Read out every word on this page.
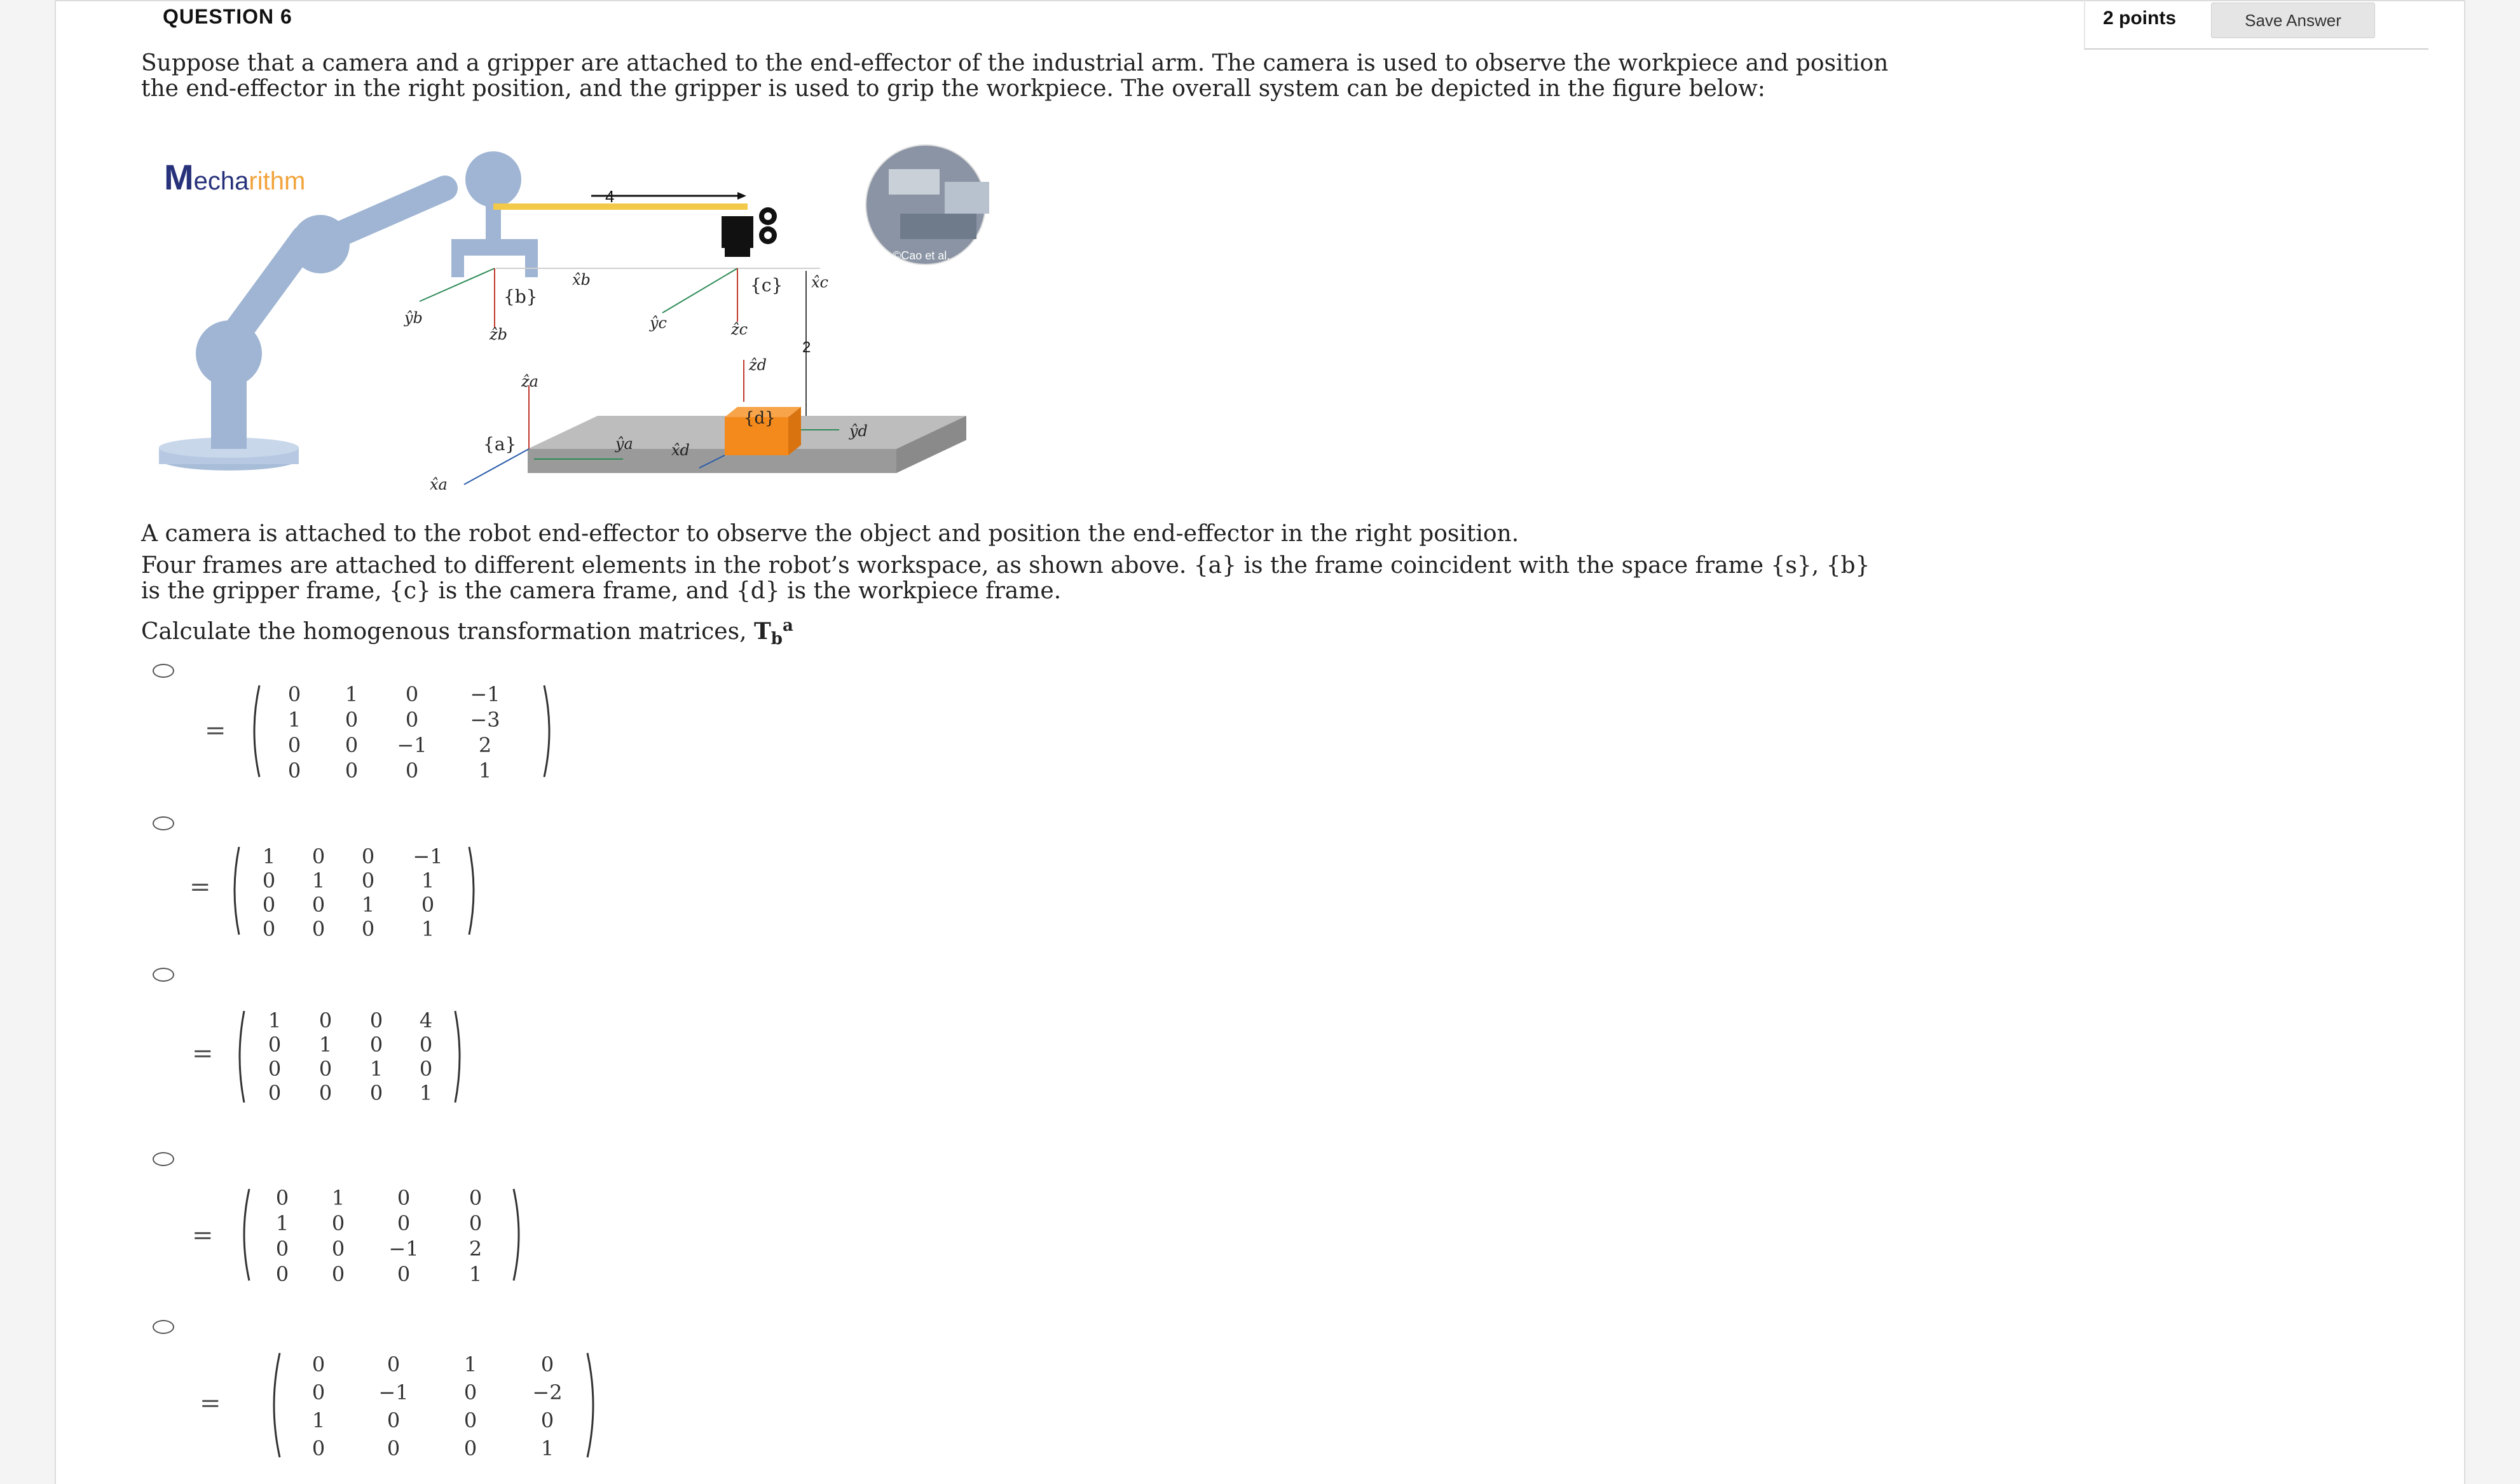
QUESTION 6	2 points	Save Answer
Suppose that a camera and a gripper are attached to the end-effector of the industrial arm. The camera is used to observe the workpiece and position the end-effector in the right position, and the gripper is used to grip the workpiece. The overall system can be depicted in the figure below:
Mecharithm
4
©Cao et al.
{b}
x̂b
ŷb
ẑb
{c} x̂c
ŷc	ẑc
2
{d}
ẑd
ŷd
x̂d
{a}
ẑa
x̂a
ŷa
A camera is attached to the robot end-effector to observe the object and position the end-effector in the right position.
Four frames are attached to different elements in the robot’s workspace, as shown above. {a} is the frame coincident with the space frame {s}, {b} is the gripper frame, {c} is the camera frame, and {d} is the workpiece frame.
Calculate the homogenous transformation matrices, $T_b^a$
=
0	1	0	−1
1	0	0	−3
0	0	−1	2
0	0	0	1
=
1	0	0	−1
0	1	0	1
0	0	1	0
0	0	0	1
=
1	0	0	4
0	1	0	0
0	0	1	0
0	0	0	1
=
0	1	0	0
1	0	0	0
0	0	−1	2
0	0	0	1
=
0	0	1	0
0	−1	0	−2
1	0	0	0
0	0	0	1
